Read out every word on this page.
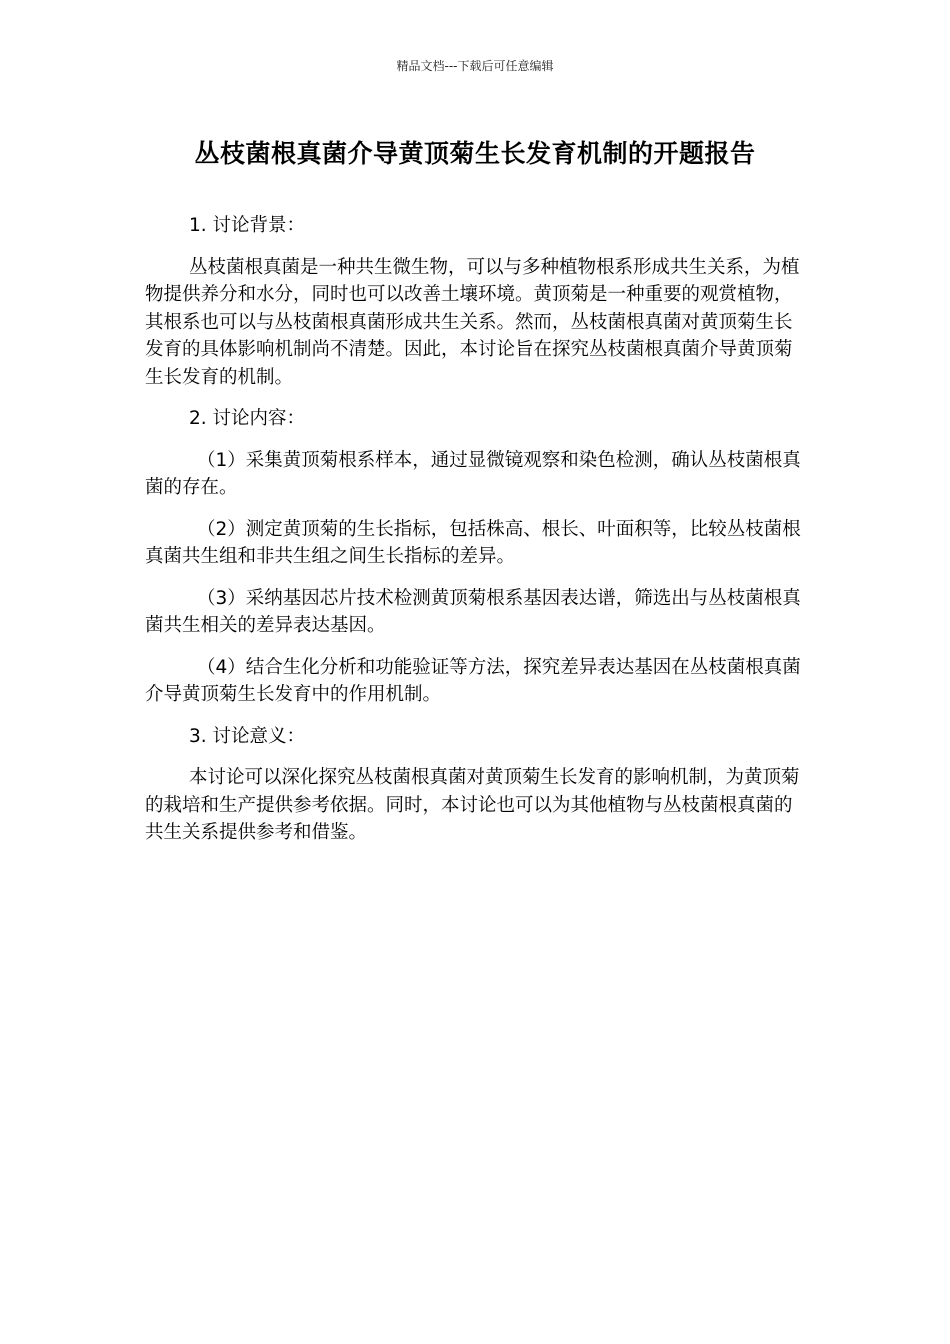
精品文档---下载后可任意编辑
丛枝菌根真菌介导黄顶菊生长发育机制的开题报告

1. 讨论背景：

丛枝菌根真菌是一种共生微生物，可以与多种植物根系形成共生关系，为植物提供养分和水分，同时也可以改善土壤环境。黄顶菊是一种重要的观赏植物，其根系也可以与丛枝菌根真菌形成共生关系。然而，丛枝菌根真菌对黄顶菊生长发育的具体影响机制尚不清楚。因此，本讨论旨在探究丛枝菌根真菌介导黄顶菊生长发育的机制。

2. 讨论内容：

（1）采集黄顶菊根系样本，通过显微镜观察和染色检测，确认丛枝菌根真菌的存在。

（2）测定黄顶菊的生长指标，包括株高、根长、叶面积等，比较丛枝菌根真菌共生组和非共生组之间生长指标的差异。

（3）采纳基因芯片技术检测黄顶菊根系基因表达谱，筛选出与丛枝菌根真菌共生相关的差异表达基因。

（4）结合生化分析和功能验证等方法，探究差异表达基因在丛枝菌根真菌介导黄顶菊生长发育中的作用机制。

3. 讨论意义：

本讨论可以深化探究丛枝菌根真菌对黄顶菊生长发育的影响机制，为黄顶菊的栽培和生产提供参考依据。同时，本讨论也可以为其他植物与丛枝菌根真菌的共生关系提供参考和借鉴。
